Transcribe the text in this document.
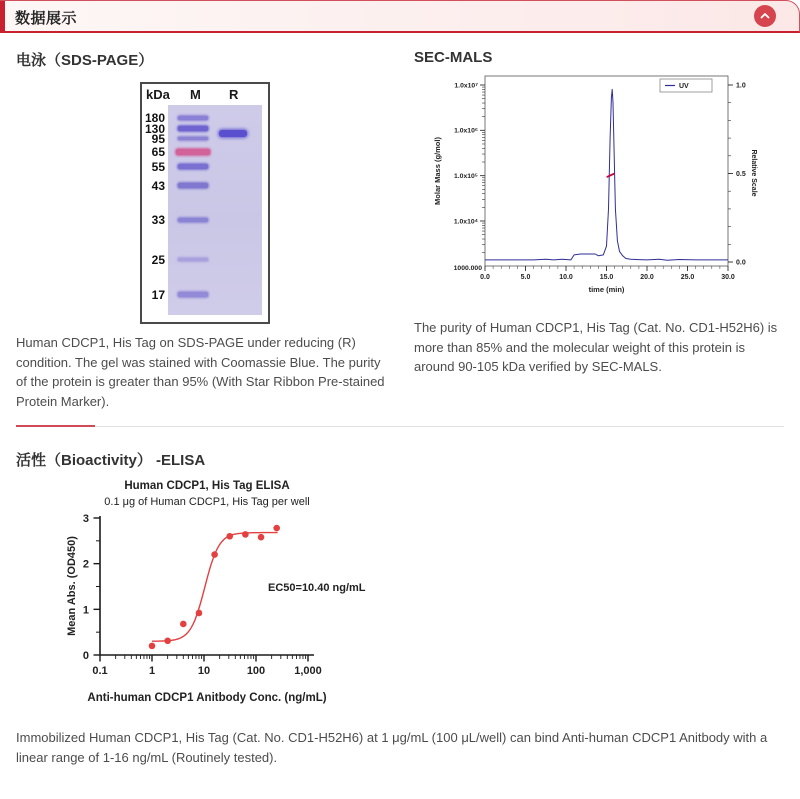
数据展示
电泳（SDS-PAGE）
kDa M R
180
130
95
65
55
43
33
25
17

Human CDCP1, His Tag on SDS-PAGE under reducing (R) condition. The gel was stained with Coomassie Blue. The purity of the protein is greater than 95% (With Star Ribbon Pre-stained Protein Marker).

SEC-MALS
1.0x10⁷
1.0x10⁶
1.0x10⁵
1.0x10⁴
1000.000
1.0
0.5
0.0
0.0	5.0	10.0	15.0	20.0	25.0	30.0
time (min)
Molar Mass (g/mol)	Relative Scale
UV

The purity of Human CDCP1, His Tag (Cat. No. CD1-H52H6) is more than 85% and the molecular weight of this protein is around 90-105 kDa verified by SEC-MALS.

活性（Bioactivity） -ELISA
Human CDCP1, His Tag ELISA
0.1 μg of Human CDCP1, His Tag per well
0
1
2
3
0.1	1	10	100	1,000
Mean Abs. (OD450)
Anti-human CDCP1 Anitbody Conc. (ng/mL)
EC50=10.40 ng/mL

Immobilized Human CDCP1, His Tag (Cat. No. CD1-H52H6) at 1 μg/mL (100 μL/well) can bind Anti-human CDCP1 Anitbody with a linear range of 1-16 ng/mL (Routinely tested).
